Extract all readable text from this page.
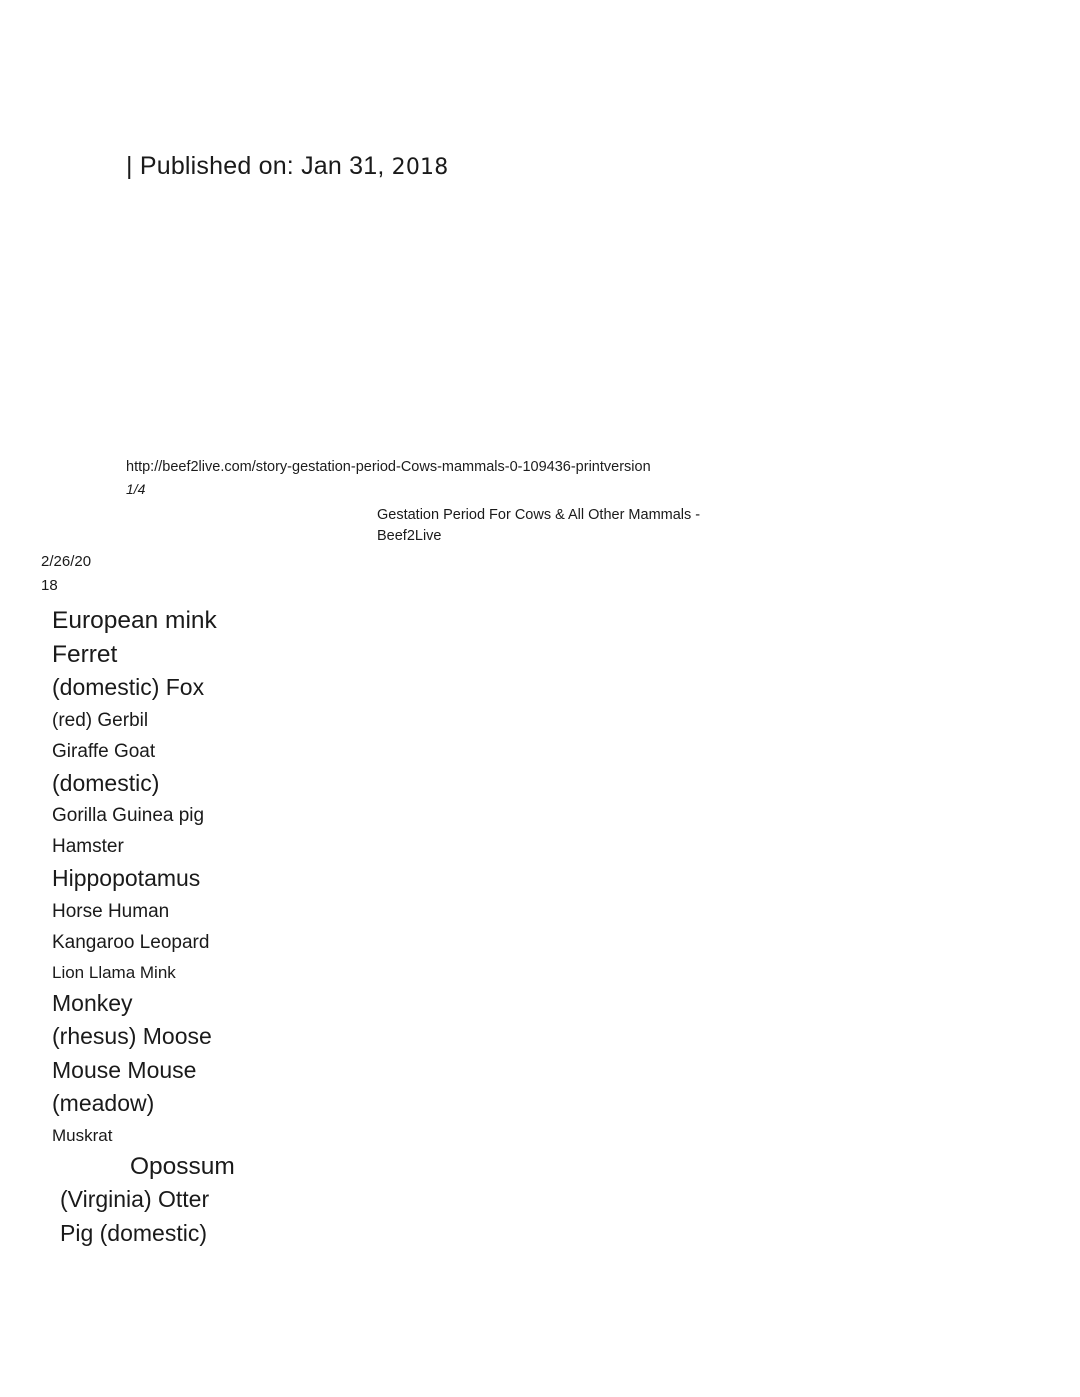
| Published on: Jan 31, 2018
http://beef2live.com/story-gestation-period-Cows-mammals-0-109436-printversion
1/4
Gestation Period For Cows & All Other Mammals - Beef2Live
2/26/20
18
European mink
Ferret
(domestic) Fox
(red) Gerbil
Giraffe Goat
(domestic)
Gorilla Guinea pig
Hamster
Hippopotamus
Horse Human
Kangaroo Leopard
Lion Llama Mink
Monkey
(rhesus) Moose
Mouse Mouse
(meadow)
Muskrat
Opossum
(Virginia) Otter
Pig (domestic)
